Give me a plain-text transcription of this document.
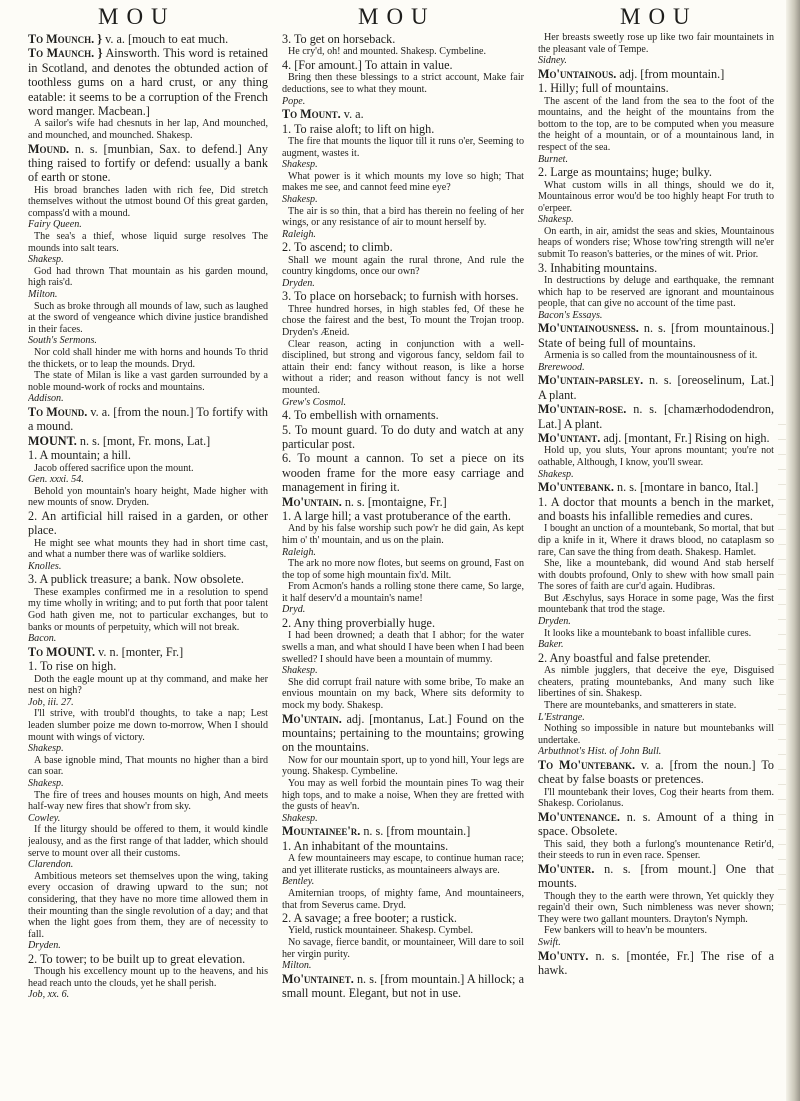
MOU	MOU	MOU

To Mounch. } v. a. [mouch to eat much.

To Maunch. } Ainsworth. This word is retained in Scotland, and denotes the obtunded action of toothless gums on a hard crust, or any thing eatable: it seems to be a corruption of the French word manger. Macbean.]

A sailor's wife had chesnuts in her lap, And mounched, and mounched, and mounched. Shakesp.

Mound. n. s. [munbian, Sax. to defend.] Any thing raised to fortify or defend: usually a bank of earth or stone.

His broad branches laden with rich fee, Did stretch themselves without the utmost bound Of this great garden, compass'd with a mound.

Fairy Queen.

The sea's a thief, whose liquid surge resolves The mounds into salt tears.

Shakesp.

God had thrown That mountain as his garden mound, high rais'd.

Milton.

Such as broke through all mounds of law, such as laughed at the sword of vengeance which divine justice brandished in their faces.

South's Sermons.

Nor cold shall hinder me with horns and hounds To thrid the thickets, or to leap the mounds. Dryd.

The state of Milan is like a vast garden surrounded by a noble mound-work of rocks and mountains.

Addison.

To Mound. v. a. [from the noun.] To fortify with a mound.

MOUNT. n. s. [mont, Fr. mons, Lat.]

1. A mountain; a hill.

Jacob offered sacrifice upon the mount.

Gen. xxxi. 54.

Behold yon mountain's hoary height, Made higher with new mounts of snow. Dryden.

2. An artificial hill raised in a garden, or other place.

He might see what mounts they had in short time cast, and what a number there was of warlike soldiers.

Knolles.

3. A publick treasure; a bank. Now obsolete.

These examples confirmed me in a resolution to spend my time wholly in writing; and to put forth that poor talent God hath given me, not to particular exchanges, but to banks or mounts of perpetuity, which will not break.

Bacon.

To MOUNT. v. n. [monter, Fr.]

1. To rise on high.

Doth the eagle mount up at thy command, and make her nest on high?

Job, iii. 27.

I'll strive, with troubl'd thoughts, to take a nap; Lest leaden slumber poize me down to-morrow, When I should mount with wings of victory.

Shakesp.

A base ignoble mind, That mounts no higher than a bird can soar.

Shakesp.

The fire of trees and houses mounts on high, And meets half-way new fires that show'r from sky.

Cowley.

If the liturgy should be offered to them, it would kindle jealousy, and as the first range of that ladder, which should serve to mount over all their customs.

Clarendon.

Ambitious meteors set themselves upon the wing, taking every occasion of drawing upward to the sun; not considering, that they have no more time allowed them in their mounting than the single revolution of a day; and that when the light goes from them, they are of necessity to fall.

Dryden.

2. To tower; to be built up to great elevation.

Though his excellency mount up to the heavens, and his head reach unto the clouds, yet he shall perish.

Job, xx. 6.

3. To get on horseback.

He cry'd, oh! and mounted. Shakesp. Cymbeline.

4. [For amount.] To attain in value.

Bring then these blessings to a strict account, Make fair deductions, see to what they mount.

Pope.

To Mount. v. a.

1. To raise aloft; to lift on high.

The fire that mounts the liquor till it runs o'er, Seeming to augment, wastes it.

Shakesp.

What power is it which mounts my love so high; That makes me see, and cannot feed mine eye?

Shakesp.

The air is so thin, that a bird has therein no feeling of her wings, or any resistance of air to mount herself by.

Raleigh.

2. To ascend; to climb.

Shall we mount again the rural throne, And rule the country kingdoms, once our own?

Dryden.

3. To place on horseback; to furnish with horses.

Three hundred horses, in high stables fed, Of these he chose the fairest and the best, To mount the Trojan troop. Dryden's Æneid.

Clear reason, acting in conjunction with a well-disciplined, but strong and vigorous fancy, seldom fail to attain their end: fancy without reason, is like a horse without a rider; and reason without fancy is not well mounted.

Grew's Cosmol.

4. To embellish with ornaments.

5. To mount guard. To do duty and watch at any particular post.

6. To mount a cannon. To set a piece on its wooden frame for the more easy carriage and management in firing it.

Mo'untain. n. s. [montaigne, Fr.]

1. A large hill; a vast protuberance of the earth.

And by his false worship such pow'r he did gain, As kept him o' th' mountain, and us on the plain.

Raleigh.

The ark no more now flotes, but seems on ground, Fast on the top of some high mountain fix'd. Milt.

From Acmon's hands a rolling stone there came, So large, it half deserv'd a mountain's name!

Dryd.

2. Any thing proverbially huge.

I had been drowned; a death that I abhor; for the water swells a man, and what should I have been when I had been swelled? I should have been a mountain of mummy.

Shakesp.

She did corrupt frail nature with some bribe, To make an envious mountain on my back, Where sits deformity to mock my body. Shakesp.

Mo'untain. adj. [montanus, Lat.] Found on the mountains; pertaining to the mountains; growing on the mountains.

Now for our mountain sport, up to yond hill, Your legs are young. Shakesp. Cymbeline.

You may as well forbid the mountain pines To wag their high tops, and to make a noise, When they are fretted with the gusts of heav'n.

Shakesp.

Mountainee'r. n. s. [from mountain.]

1. An inhabitant of the mountains.

A few mountaineers may escape, to continue human race; and yet illiterate rusticks, as mountaineers always are.

Bentley.

Amiternian troops, of mighty fame, And mountaineers, that from Severus came. Dryd.

2. A savage; a free booter; a rustick.

Yield, rustick mountaineer. Shakesp. Cymbel.

No savage, fierce bandit, or mountaineer, Will dare to soil her virgin purity.

Milton.

Mo'untainet. n. s. [from mountain.] A hillock; a small mount. Elegant, but not in use.

Her breasts sweetly rose up like two fair mountainets in the pleasant vale of Tempe.

Sidney.

Mo'untainous. adj. [from mountain.]

1. Hilly; full of mountains.

The ascent of the land from the sea to the foot of the mountains, and the height of the mountains from the bottom to the top, are to be computed when you measure the height of a mountain, or of a mountainous land, in respect of the sea.

Burnet.

2. Large as mountains; huge; bulky.

What custom wills in all things, should we do it, Mountainous error wou'd be too highly heapt For truth to o'erpeer.

Shakesp.

On earth, in air, amidst the seas and skies, Mountainous heaps of wonders rise; Whose tow'ring strength will ne'er submit To reason's batteries, or the mines of wit. Prior.

3. Inhabiting mountains.

In destructions by deluge and earthquake, the remnant which hap to be reserved are ignorant and mountainous people, that can give no account of the time past.

Bacon's Essays.

Mo'untainousness. n. s. [from mountainous.] State of being full of mountains.

Armenia is so called from the mountainousness of it.

Brerewood.

Mo'untain-parsley. n. s. [oreoselinum, Lat.] A plant.

Mo'untain-rose. n. s. [chamærhododendron, Lat.] A plant.

Mo'untant. adj. [montant, Fr.] Rising on high.

Hold up, you sluts, Your aprons mountant; you're not oathable, Although, I know, you'll swear.

Shakesp.

Mo'untebank. n. s. [montare in banco, Ital.]

1. A doctor that mounts a bench in the market, and boasts his infallible remedies and cures.

I bought an unction of a mountebank, So mortal, that but dip a knife in it, Where it draws blood, no cataplasm so rare, Can save the thing from death. Shakesp. Hamlet.

She, like a mountebank, did wound And stab herself with doubts profound, Only to shew with how small pain The sores of faith are cur'd again. Hudibras.

But Æschylus, says Horace in some page, Was the first mountebank that trod the stage.

Dryden.

It looks like a mountebank to boast infallible cures.

Baker.

2. Any boastful and false pretender.

As nimble jugglers, that deceive the eye, Disguised cheaters, prating mountebanks, And many such like libertines of sin. Shakesp.

There are mountebanks, and smatterers in state.

L'Estrange.

Nothing so impossible in nature but mountebanks will undertake.

Arbuthnot's Hist. of John Bull.

To Mo'untebank. v. a. [from the noun.] To cheat by false boasts or pretences.

I'll mountebank their loves, Cog their hearts from them. Shakesp. Coriolanus.

Mo'untenance. n. s. Amount of a thing in space. Obsolete.

This said, they both a furlong's mountenance Retir'd, their steeds to run in even race. Spenser.

Mo'unter. n. s. [from mount.] One that mounts.

Though they to the earth were thrown, Yet quickly they regain'd their own, Such nimbleness was never shown; They were two gallant mounters. Drayton's Nymph.

Few bankers will to heav'n be mounters.

Swift.

Mo'unty. n. s. [montée, Fr.] The rise of a hawk.
